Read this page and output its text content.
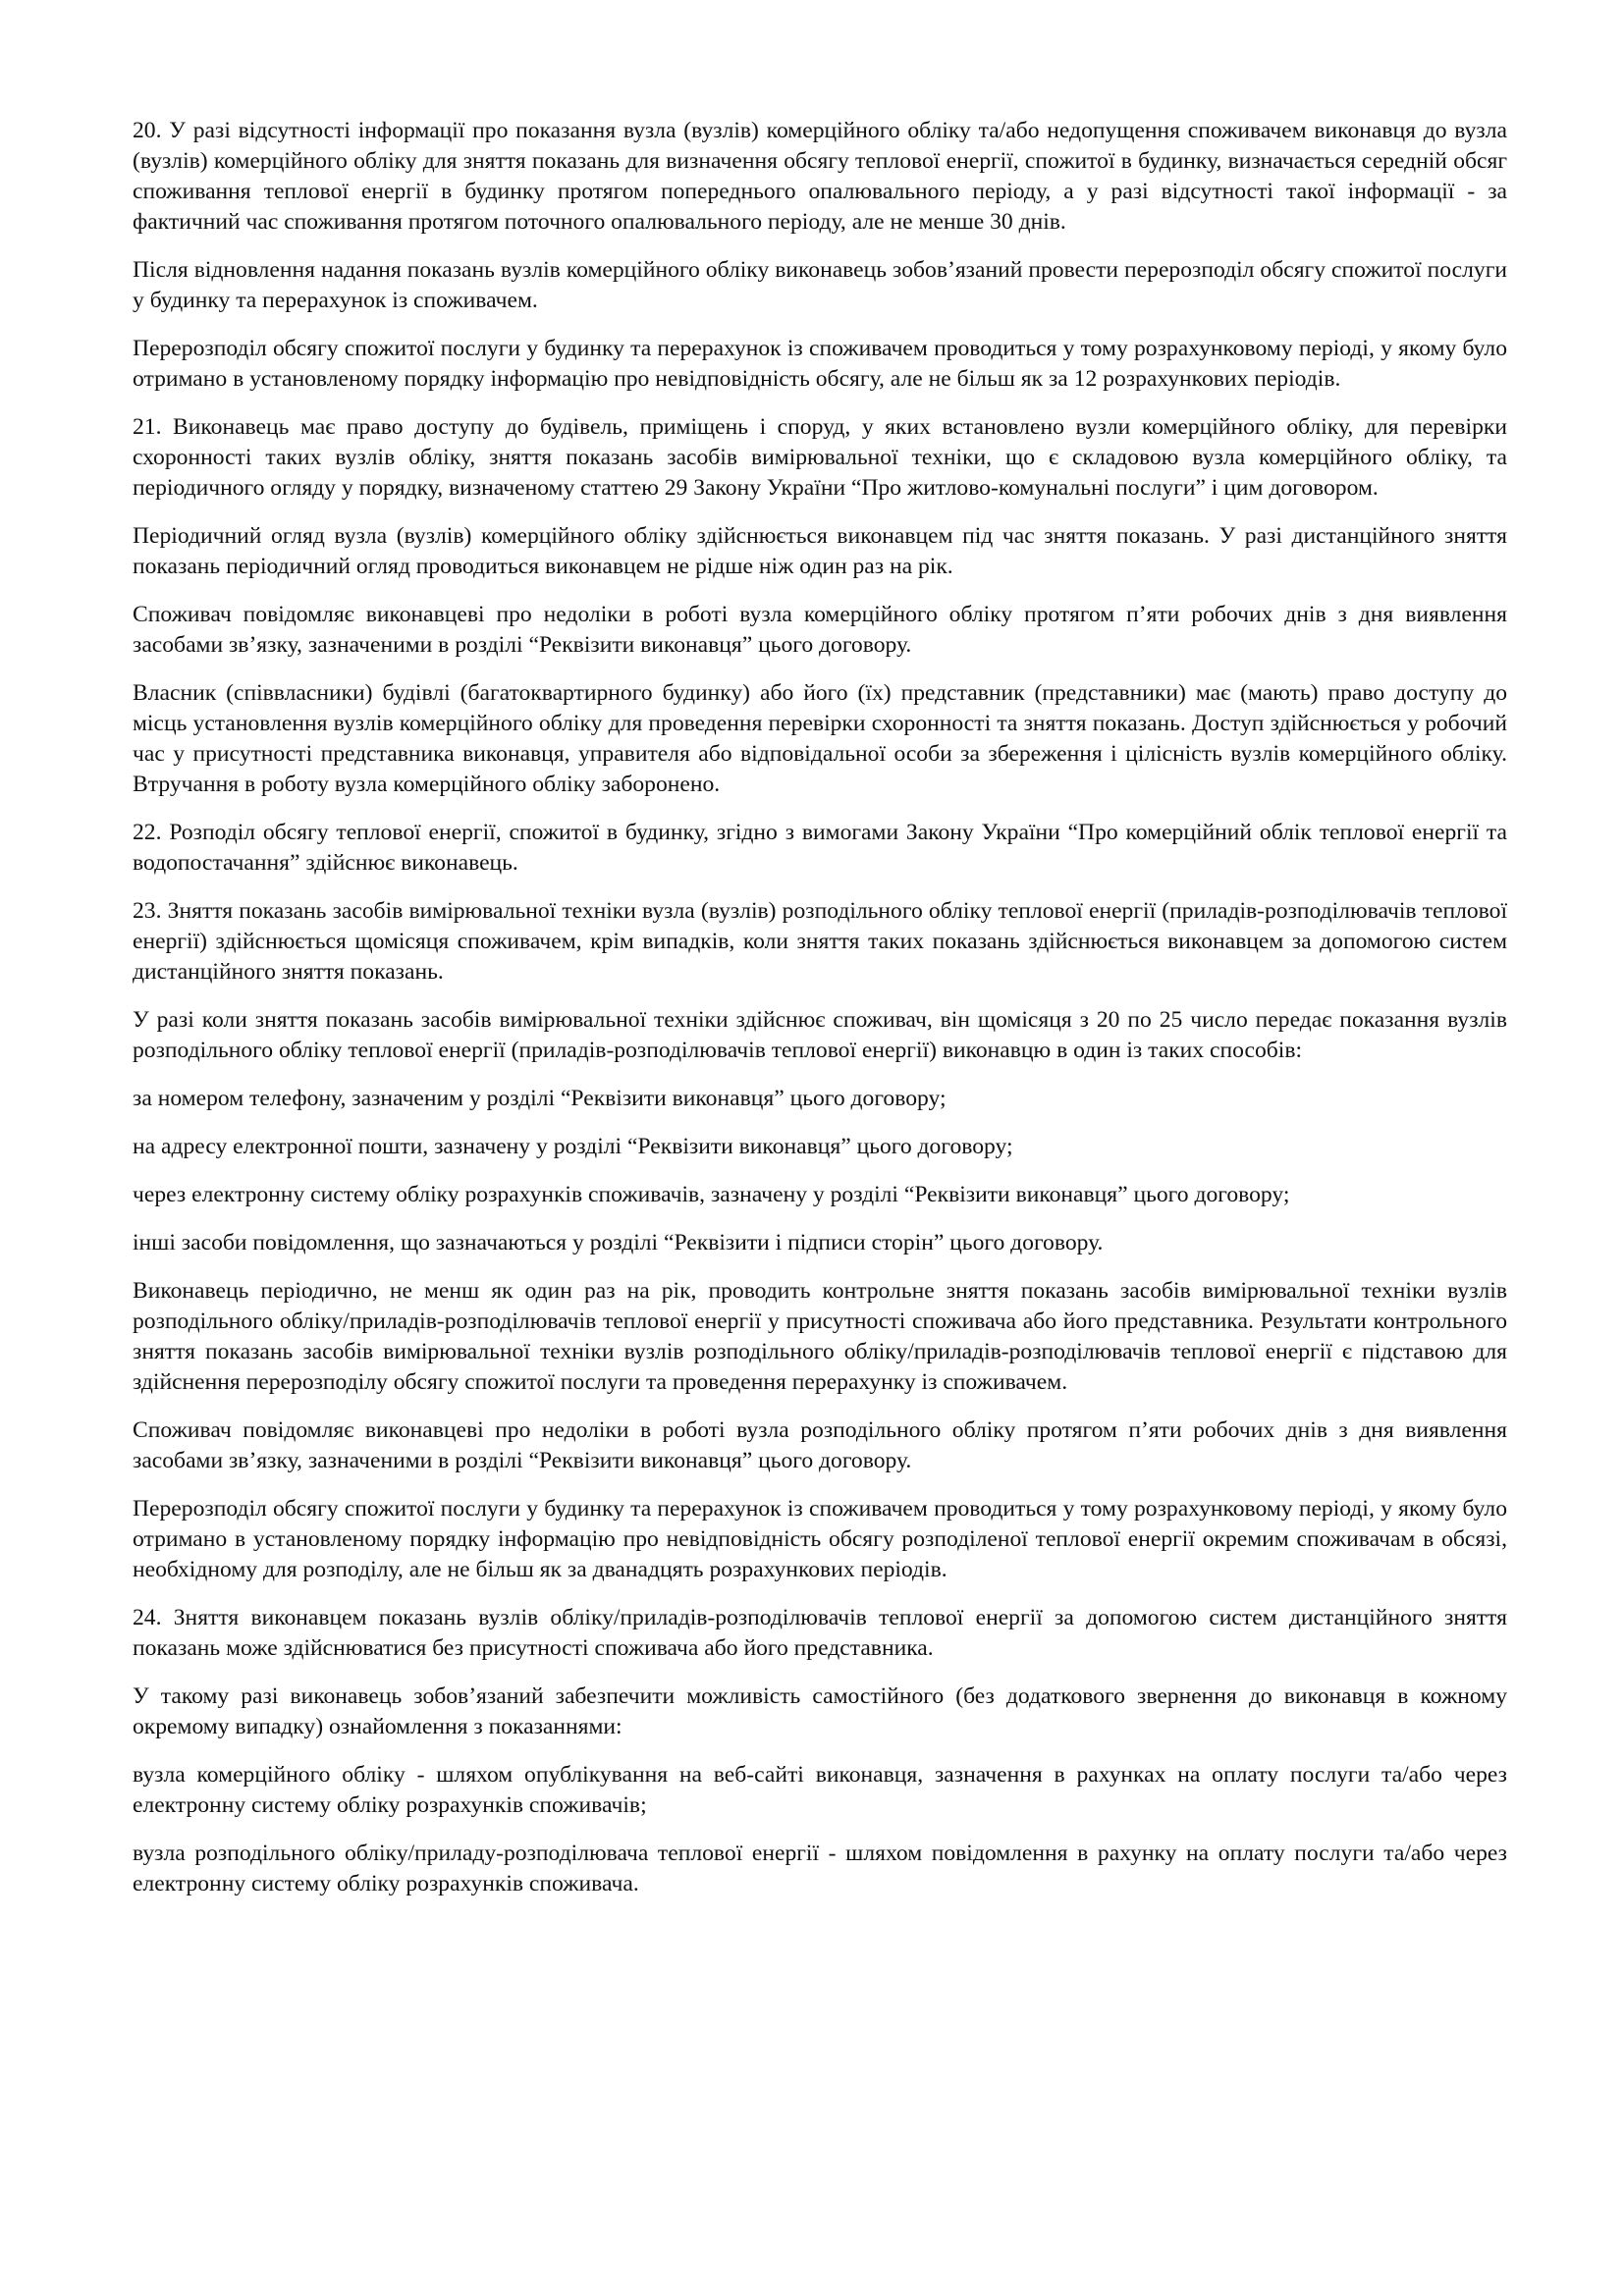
20. У разі відсутності інформації про показання вузла (вузлів) комерційного обліку та/або недопущення споживачем виконавця до вузла (вузлів) комерційного обліку для зняття показань для визначення обсягу теплової енергії, спожитої в будинку, визначається середній обсяг споживання теплової енергії в будинку протягом попереднього опалювального періоду, а у разі відсутності такої інформації - за фактичний час споживання протягом поточного опалювального періоду, але не менше 30 днів.

Після відновлення надання показань вузлів комерційного обліку виконавець зобов’язаний провести перерозподіл обсягу спожитої послуги у будинку та перерахунок із споживачем.

Перерозподіл обсягу спожитої послуги у будинку та перерахунок із споживачем проводиться у тому розрахунковому періоді, у якому було отримано в установленому порядку інформацію про невідповідність обсягу, але не більш як за 12 розрахункових періодів.

21. Виконавець має право доступу до будівель, приміщень і споруд, у яких встановлено вузли комерційного обліку, для перевірки схоронності таких вузлів обліку, зняття показань засобів вимірювальної техніки, що є складовою вузла комерційного обліку, та періодичного огляду у порядку, визначеному статтею 29 Закону України “Про житлово-комунальні послуги” і цим договором.

Періодичний огляд вузла (вузлів) комерційного обліку здійснюється виконавцем під час зняття показань. У разі дистанційного зняття показань періодичний огляд проводиться виконавцем не рідше ніж один раз на рік.

Споживач повідомляє виконавцеві про недоліки в роботі вузла комерційного обліку протягом п’яти робочих днів з дня виявлення засобами зв’язку, зазначеними в розділі “Реквізити виконавця” цього договору.

Власник (співвласники) будівлі (багатоквартирного будинку) або його (їх) представник (представники) має (мають) право доступу до місць установлення вузлів комерційного обліку для проведення перевірки схоронності та зняття показань. Доступ здійснюється у робочий час у присутності представника виконавця, управителя або відповідальної особи за збереження і цілісність вузлів комерційного обліку. Втручання в роботу вузла комерційного обліку заборонено.

22. Розподіл обсягу теплової енергії, спожитої в будинку, згідно з вимогами Закону України “Про комерційний облік теплової енергії та водопостачання” здійснює виконавець.

23. Зняття показань засобів вимірювальної техніки вузла (вузлів) розподільного обліку теплової енергії (приладів-розподілювачів теплової енергії) здійснюється щомісяця споживачем, крім випадків, коли зняття таких показань здійснюється виконавцем за допомогою систем дистанційного зняття показань.

У разі коли зняття показань засобів вимірювальної техніки здійснює споживач, він щомісяця з 20 по 25 число передає показання вузлів розподільного обліку теплової енергії (приладів-розподілювачів теплової енергії) виконавцю в один із таких способів:

за номером телефону, зазначеним у розділі “Реквізити виконавця” цього договору;

на адресу електронної пошти, зазначену у розділі “Реквізити виконавця” цього договору;

через електронну систему обліку розрахунків споживачів, зазначену у розділі “Реквізити виконавця” цього договору;

інші засоби повідомлення, що зазначаються у розділі “Реквізити і підписи сторін” цього договору.

Виконавець періодично, не менш як один раз на рік, проводить контрольне зняття показань засобів вимірювальної техніки вузлів розподільного обліку/приладів-розподілювачів теплової енергії у присутності споживача або його представника. Результати контрольного зняття показань засобів вимірювальної техніки вузлів розподільного обліку/приладів-розподілювачів теплової енергії є підставою для здійснення перерозподілу обсягу спожитої послуги та проведення перерахунку із споживачем.

Споживач повідомляє виконавцеві про недоліки в роботі вузла розподільного обліку протягом п’яти робочих днів з дня виявлення засобами зв’язку, зазначеними в розділі “Реквізити виконавця” цього договору.

Перерозподіл обсягу спожитої послуги у будинку та перерахунок із споживачем проводиться у тому розрахунковому періоді, у якому було отримано в установленому порядку інформацію про невідповідність обсягу розподіленої теплової енергії окремим споживачам в обсязі, необхідному для розподілу, але не більш як за дванадцять розрахункових періодів.

24. Зняття виконавцем показань вузлів обліку/приладів-розподілювачів теплової енергії за допомогою систем дистанційного зняття показань може здійснюватися без присутності споживача або його представника.

У такому разі виконавець зобов’язаний забезпечити можливість самостійного (без додаткового звернення до виконавця в кожному окремому випадку) ознайомлення з показаннями:

вузла комерційного обліку - шляхом опублікування на веб-сайті виконавця, зазначення в рахунках на оплату послуги та/або через електронну систему обліку розрахунків споживачів;

вузла розподільного обліку/приладу-розподілювача теплової енергії - шляхом повідомлення в рахунку на оплату послуги та/або через електронну систему обліку розрахунків споживача.
